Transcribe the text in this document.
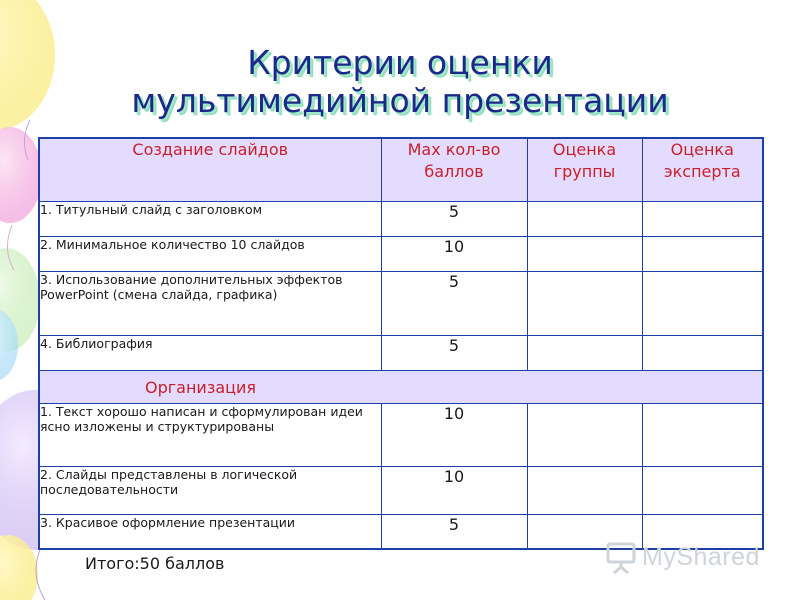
Критерии оценки
мультимедийной презентации
Создание слайдов	Мах кол-во баллов	Оценка группы	Оценка эксперта
1. Титульный слайд с заголовком	5		
2. Минимальное количество 10 слайдов	10		
3. Использование дополнительных эффектов PowerPoint (смена слайда, графика)	5		
4. Библиография	5		
Организация			
1. Текст хорошо написан и сформулирован идеи ясно изложены и структурированы	10		
2. Слайды представлены в логической последовательности	10		
3. Красивое оформление презентации	5		
Итого:50 баллов	MyShared
